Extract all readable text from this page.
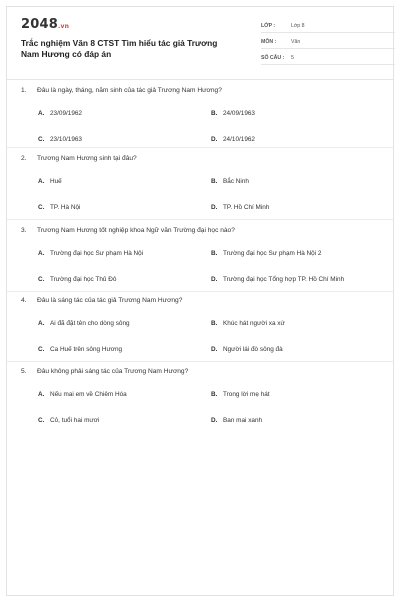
2048.vn
Trắc nghiệm Văn 8 CTST Tìm hiểu tác giả Trương Nam Hương có đáp án
LỚP :	Lớp 8
MÔN :	Văn
SỐ CÂU :	5
1.	Đâu là ngày, tháng, năm sinh của tác giả Trương Nam Hương?
A. 23/09/1962	B. 24/09/1963
C. 23/10/1963	D. 24/10/1962
2.	Trương Nam Hương sinh tại đâu?
A. Huế	B. Bắc Ninh
C. TP. Hà Nội	D. TP. Hồ Chí Minh
3.	Trương Nam Hương tốt nghiệp khoa Ngữ văn Trường đại học nào?
A. Trường đại học Sư phạm Hà Nội	B. Trường đại học Sư phạm Hà Nội 2
C. Trường đại học Thủ Đô	D. Trường đại học Tổng hợp TP. Hồ Chí Minh
4.	Đâu là sáng tác của tác giả Trương Nam Hương?
A. Ai đã đặt tên cho dòng sông	B. Khúc hát người xa xứ
C. Ca Huế trên sông Hương	D. Người lái đò sông đà
5.	Đâu không phải sáng tác của Trương Nam Hương?
A. Nếu mai em về Chiêm Hóa	B. Trong lời mẹ hát
C. Cỏ, tuổi hai mươi	D. Ban mai xanh
